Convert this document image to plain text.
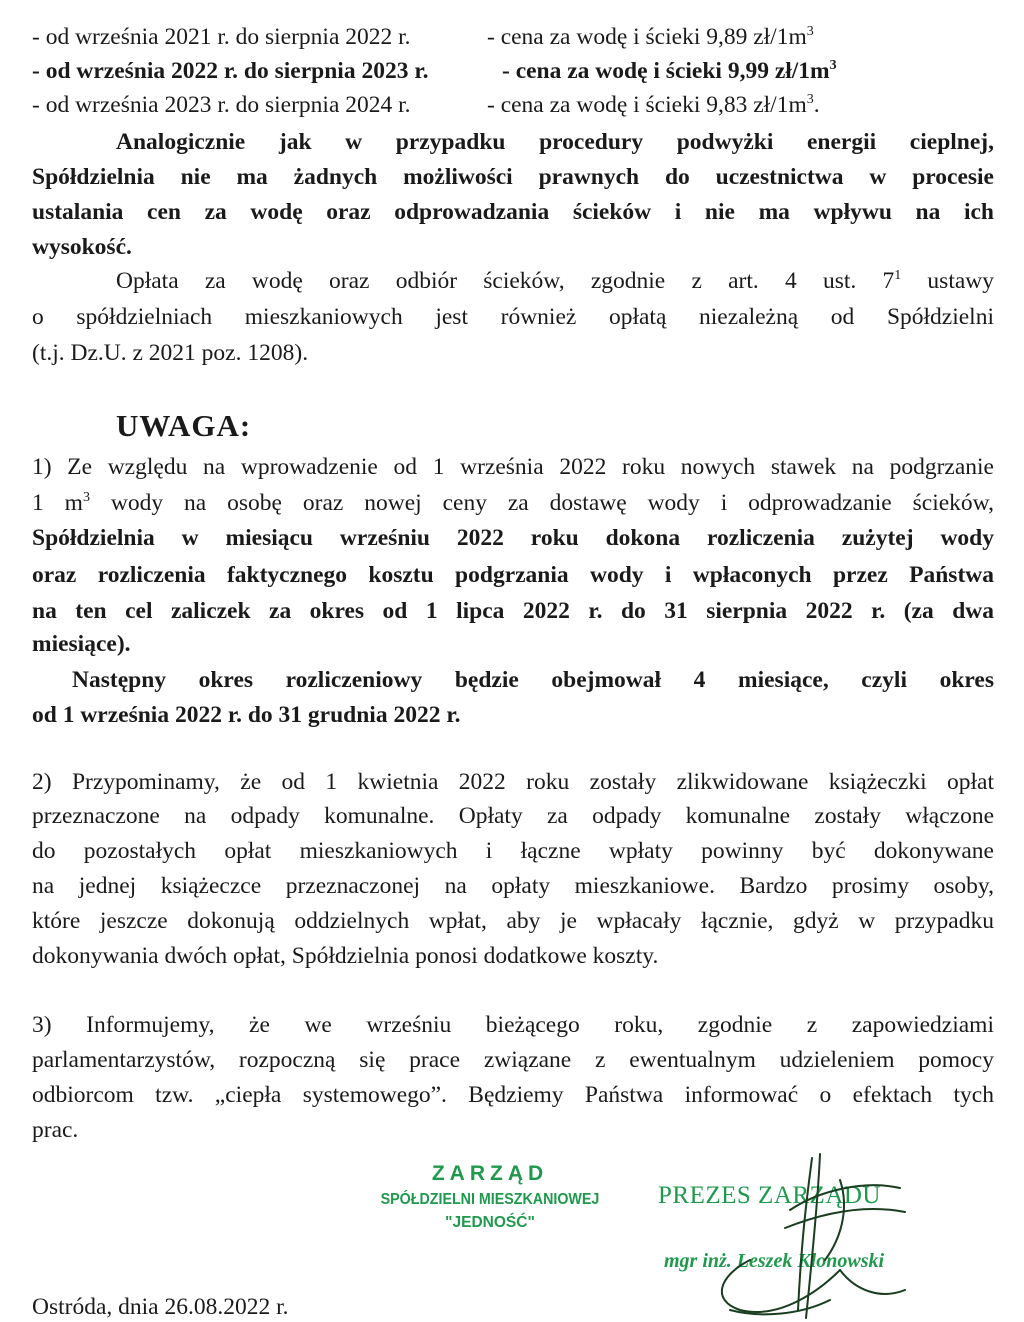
- od września 2021 r. do sierpnia 2022 r.	- cena za wodę i ścieki 9,89 $zł/1m^3$
- od września 2022 r. do sierpnia 2023 r.	- cena za wodę i ścieki 9,99 $zł/1m^3$
- od września 2023 r. do sierpnia 2024 r.	- cena za wodę i ścieki 9,83 $zł/1m^3$.
Analogicznie jak w przypadku procedury podwyżki energii cieplnej,
Spółdzielnia nie ma żadnych możliwości prawnych do uczestnictwa w procesie
ustalania cen za wodę oraz odprowadzania ścieków i nie ma wpływu na ich
wysokość.
Opłata za wodę oraz odbiór ścieków, zgodnie z art. 4 ust. $7^1$ ustawy
o spółdzielniach mieszkaniowych jest również opłatą niezależną od Spółdzielni
(t.j. Dz.U. z 2021 poz. 1208).
UWAGA:
1) Ze względu na wprowadzenie od 1 września 2022 roku nowych stawek na podgrzanie
1 $m^3$ wody na osobę oraz nowej ceny za dostawę wody i odprowadzanie ścieków,
Spółdzielnia w miesiącu wrześniu 2022 roku dokona rozliczenia zużytej wody
oraz rozliczenia faktycznego kosztu podgrzania wody i wpłaconych przez Państwa
na ten cel zaliczek za okres od 1 lipca 2022 r. do 31 sierpnia 2022 r. (za dwa
miesiące).
Następny okres rozliczeniowy będzie obejmował 4 miesiące, czyli okres
od 1 września 2022 r. do 31 grudnia 2022 r.
2) Przypominamy, że od 1 kwietnia 2022 roku zostały zlikwidowane książeczki opłat
przeznaczone na odpady komunalne. Opłaty za odpady komunalne zostały włączone
do pozostałych opłat mieszkaniowych i łączne wpłaty powinny być dokonywane
na jednej książeczce przeznaczonej na opłaty mieszkaniowe. Bardzo prosimy osoby,
które jeszcze dokonują oddzielnych wpłat, aby je wpłacały łącznie, gdyż w przypadku
dokonywania dwóch opłat, Spółdzielnia ponosi dodatkowe koszty.
3) Informujemy, że we wrześniu bieżącego roku, zgodnie z zapowiedziami
parlamentarzystów, rozpoczną się prace związane z ewentualnym udzieleniem pomocy
odbiorcom tzw. „ciepła systemowego”. Będziemy Państwa informować o efektach tych
prac.
ZARZĄD
SPÓŁDZIELNI MIESZKANIOWEJ
"JEDNOŚĆ"
PREZES ZARZĄDU
mgr inż. Leszek Klonowski
Ostróda, dnia 26.08.2022 r.
